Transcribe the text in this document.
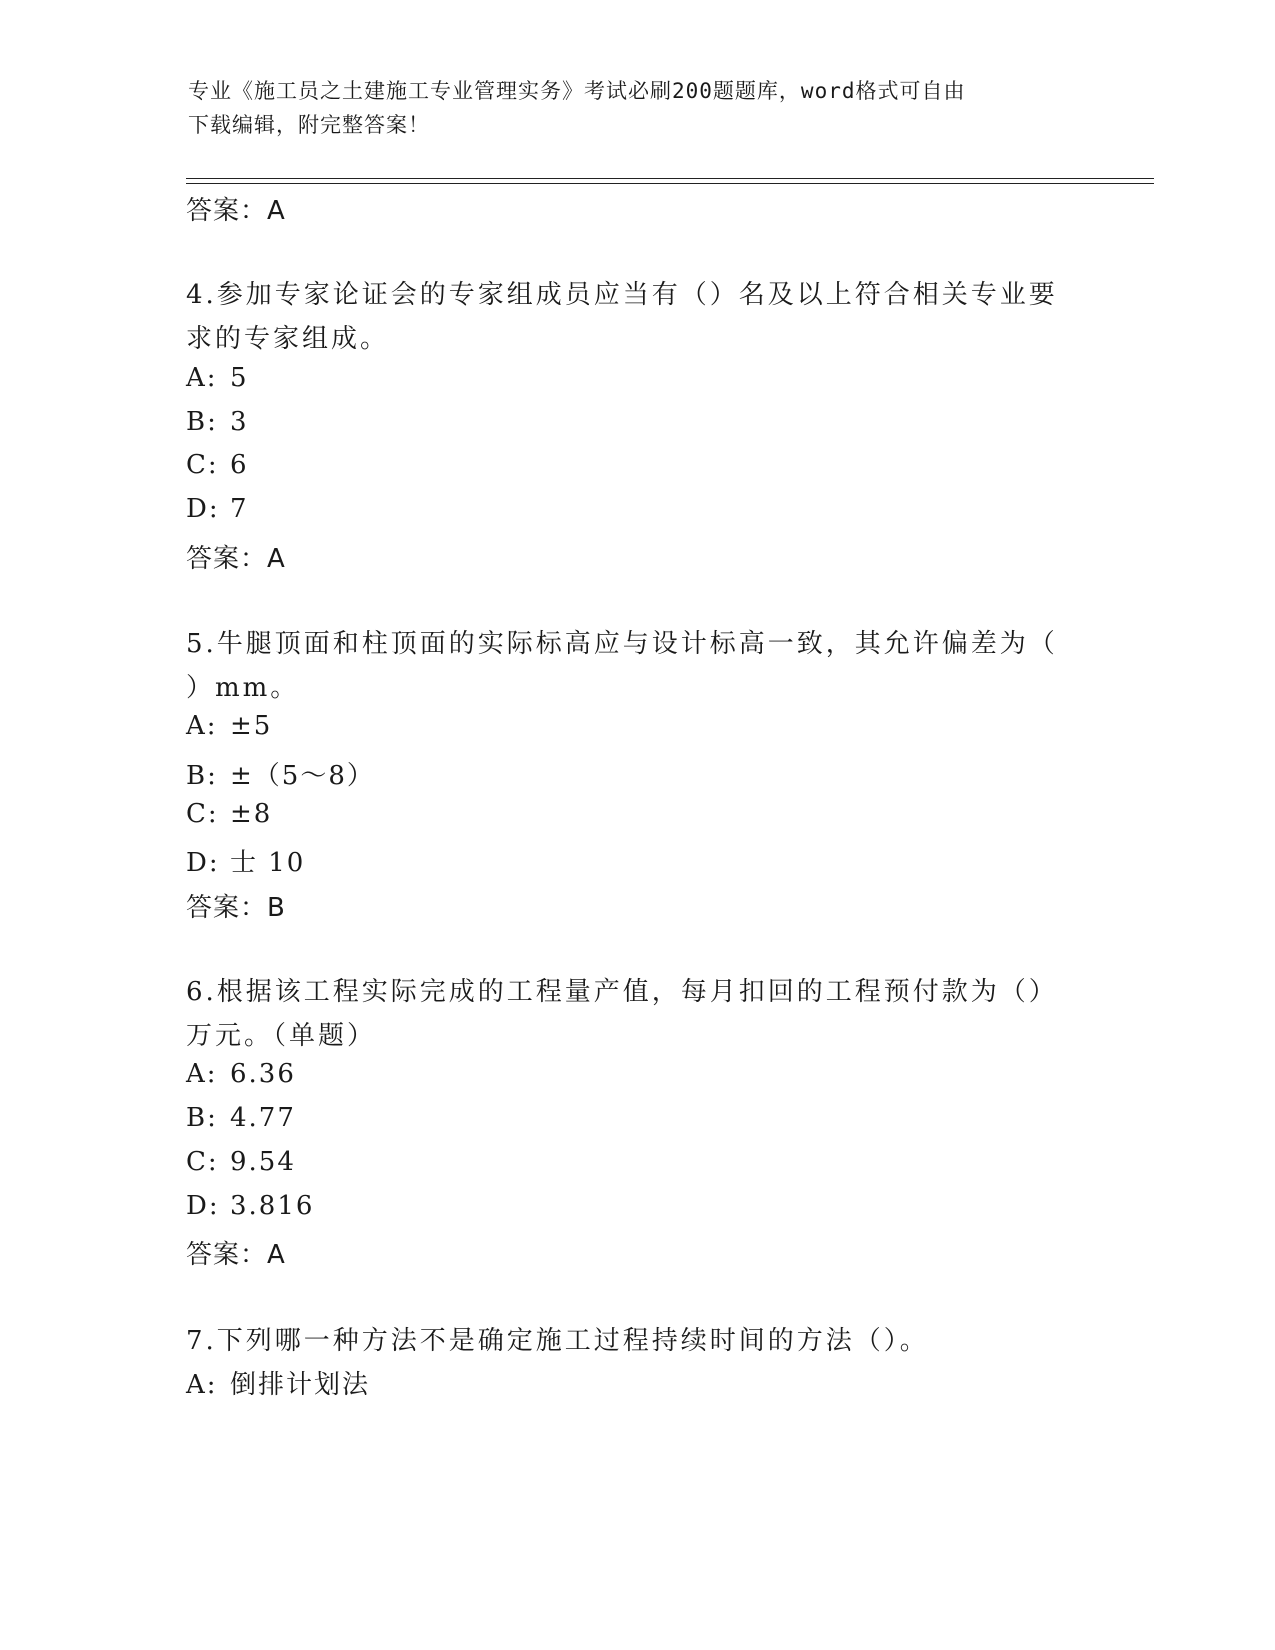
专业《施工员之土建施工专业管理实务》考试必刷200题题库，word格式可自由
下载编辑，附完整答案！
答案：A
4.参加专家论证会的专家组成员应当有（）名及以上符合相关专业要
求的专家组成。
A: 5
B: 3
C: 6
D: 7
答案：A
5.牛腿顶面和柱顶面的实际标高应与设计标高一致，其允许偏差为（
）mm。
A: ±5
B: ±（5～8）
C: ±8
D: 士 10
答案：B
6.根据该工程实际完成的工程量产值，每月扣回的工程预付款为（）
万元。（单题）
A: 6.36
B: 4.77
C: 9.54
D: 3.816
答案：A
7.下列哪一种方法不是确定施工过程持续时间的方法（）。
A: 倒排计划法
